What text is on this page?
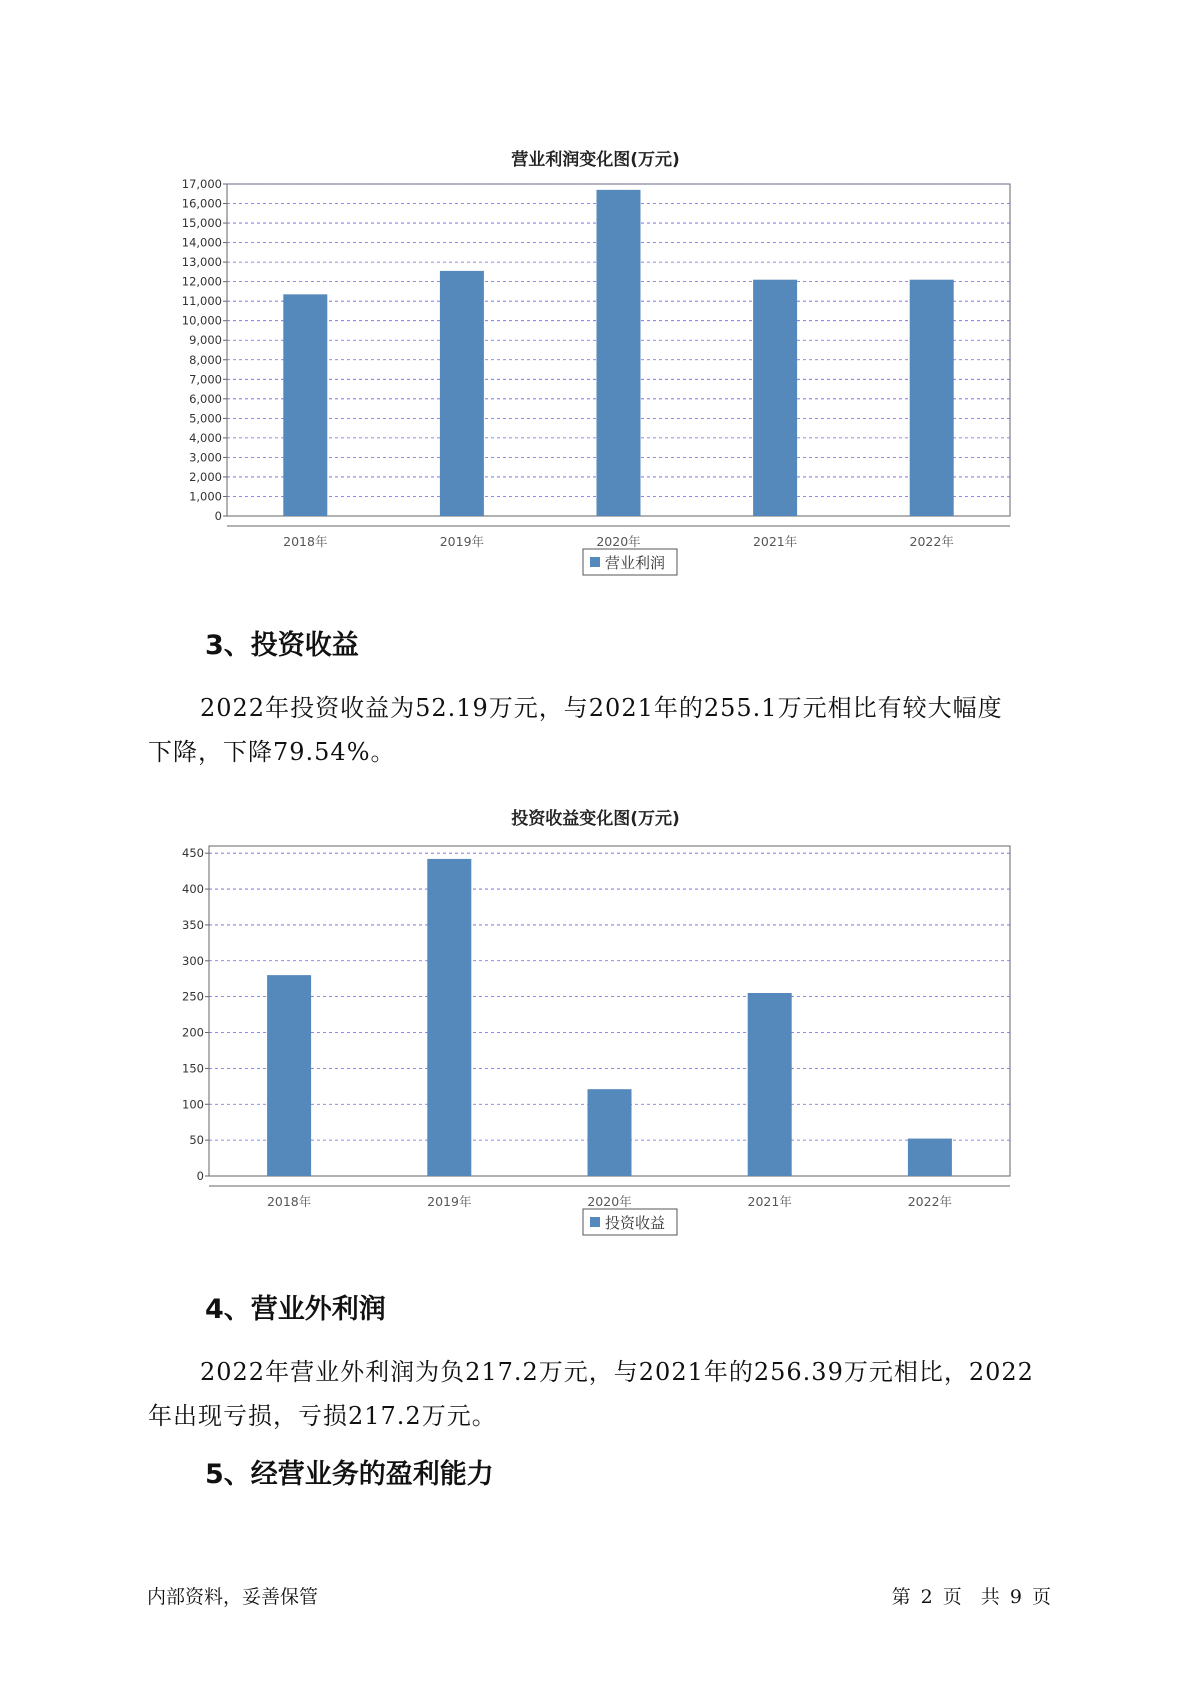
营业利润变化图(万元)
0
1,000
2,000
3,000
4,000
5,000
6,000
7,000
8,000
9,000
10,000
11,000
12,000
13,000
14,000
15,000
16,000
17,000
2018年	2019年	2020年	2021年	2022年
营业利润
3、投资收益
2022年投资收益为52.19万元，与2021年的255.1万元相比有较大幅度
下降，下降79.54%。
投资收益变化图(万元)
0
50
100
150
200
250
300
350
400
450
2018年	2019年	2020年	2021年	2022年
投资收益
4、营业外利润
2022年营业外利润为负217.2万元，与2021年的256.39万元相比，2022
年出现亏损，亏损217.2万元。
5、经营业务的盈利能力
内部资料，妥善保管	第 2 页　共 9 页
